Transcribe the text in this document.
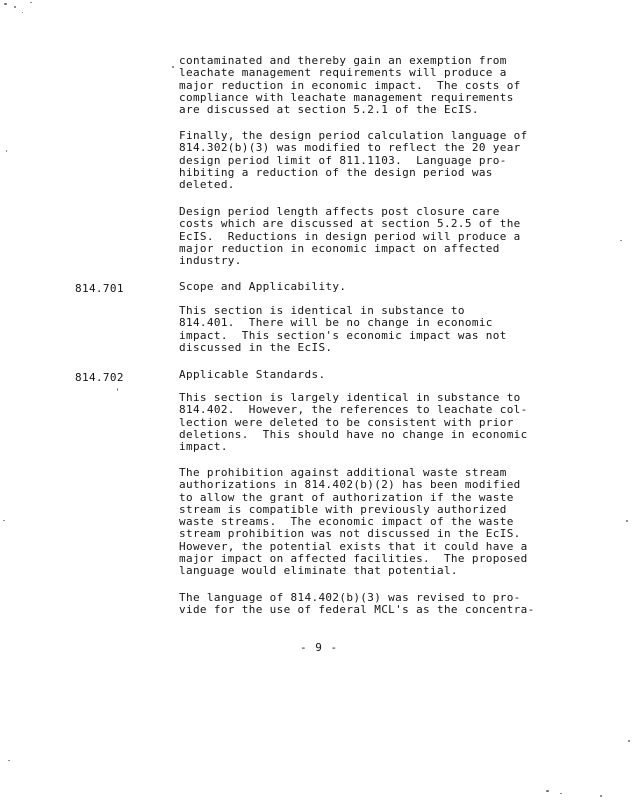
contaminated and thereby gain an exemption from
leachate management requirements will produce a
major reduction in economic impact.  The costs of
compliance with leachate management requirements
are discussed at section 5.2.1 of the EcIS.

Finally, the design period calculation language of
814.302(b)(3) was modified to reflect the 20 year
design period limit of 811.1103.  Language pro-
hibiting a reduction of the design period was
deleted.

Design period length affects post closure care
costs which are discussed at section 5.2.5 of the
EcIS.  Reductions in design period will produce a
major reduction in economic impact on affected
industry.

814.701	Scope and Applicability.

This section is identical in substance to
814.401.  There will be no change in economic
impact.  This section's economic impact was not
discussed in the EcIS.

814.702	Applicable Standards.

This section is largely identical in substance to
814.402.  However, the references to leachate col-
lection were deleted to be consistent with prior
deletions.  This should have no change in economic
impact.

The prohibition against additional waste stream
authorizations in 814.402(b)(2) has been modified
to allow the grant of authorization if the waste
stream is compatible with previously authorized
waste streams.  The economic impact of the waste
stream prohibition was not discussed in the EcIS.
However, the potential exists that it could have a
major impact on affected facilities.  The proposed
language would eliminate that potential.

The language of 814.402(b)(3) was revised to pro-
vide for the use of federal MCL's as the concentra-

- 9 -
